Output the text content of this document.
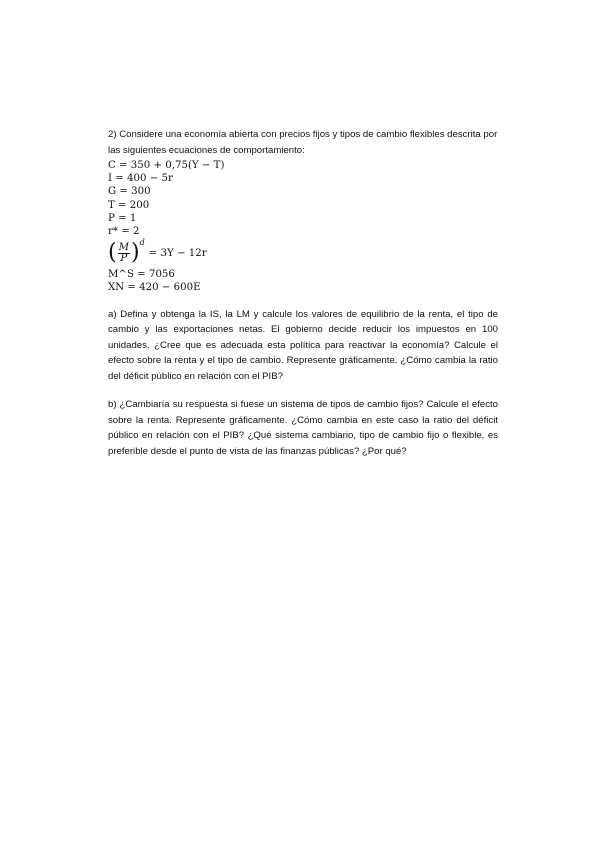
2) Considere una economía abierta con precios fijos y tipos de cambio flexibles descrita por las siguientes ecuaciones de comportamiento:

C = 350 + 0,75(Y − T)
I = 400 − 5r
G = 300
T = 200
P = 1
r* = 2
( $\frac{M}{P}$ ) d
= 3Y − 12r
M^S = 7056
XN = 420 − 600E

a) Defina y obtenga la IS, la LM y calcule los valores de equilibrio de la renta, el tipo de cambio y las exportaciones netas. El gobierno decide reducir los impuestos en 100 unidades. ¿Cree que es adecuada esta política para reactivar la economía? Calcule el efecto sobre la renta y el tipo de cambio. Represente gráficamente. ¿Cómo cambia la ratio del déficit público en relación con el PIB?

b) ¿Cambiaría su respuesta si fuese un sistema de tipos de cambio fijos? Calcule el efecto sobre la renta. Represente gráficamente. ¿Cómo cambia en este caso la ratio del déficit público en relación con el PIB? ¿Qué sistema cambiario, tipo de cambio fijo o flexible, es preferible desde el punto de vista de las finanzas públicas? ¿Por qué?
